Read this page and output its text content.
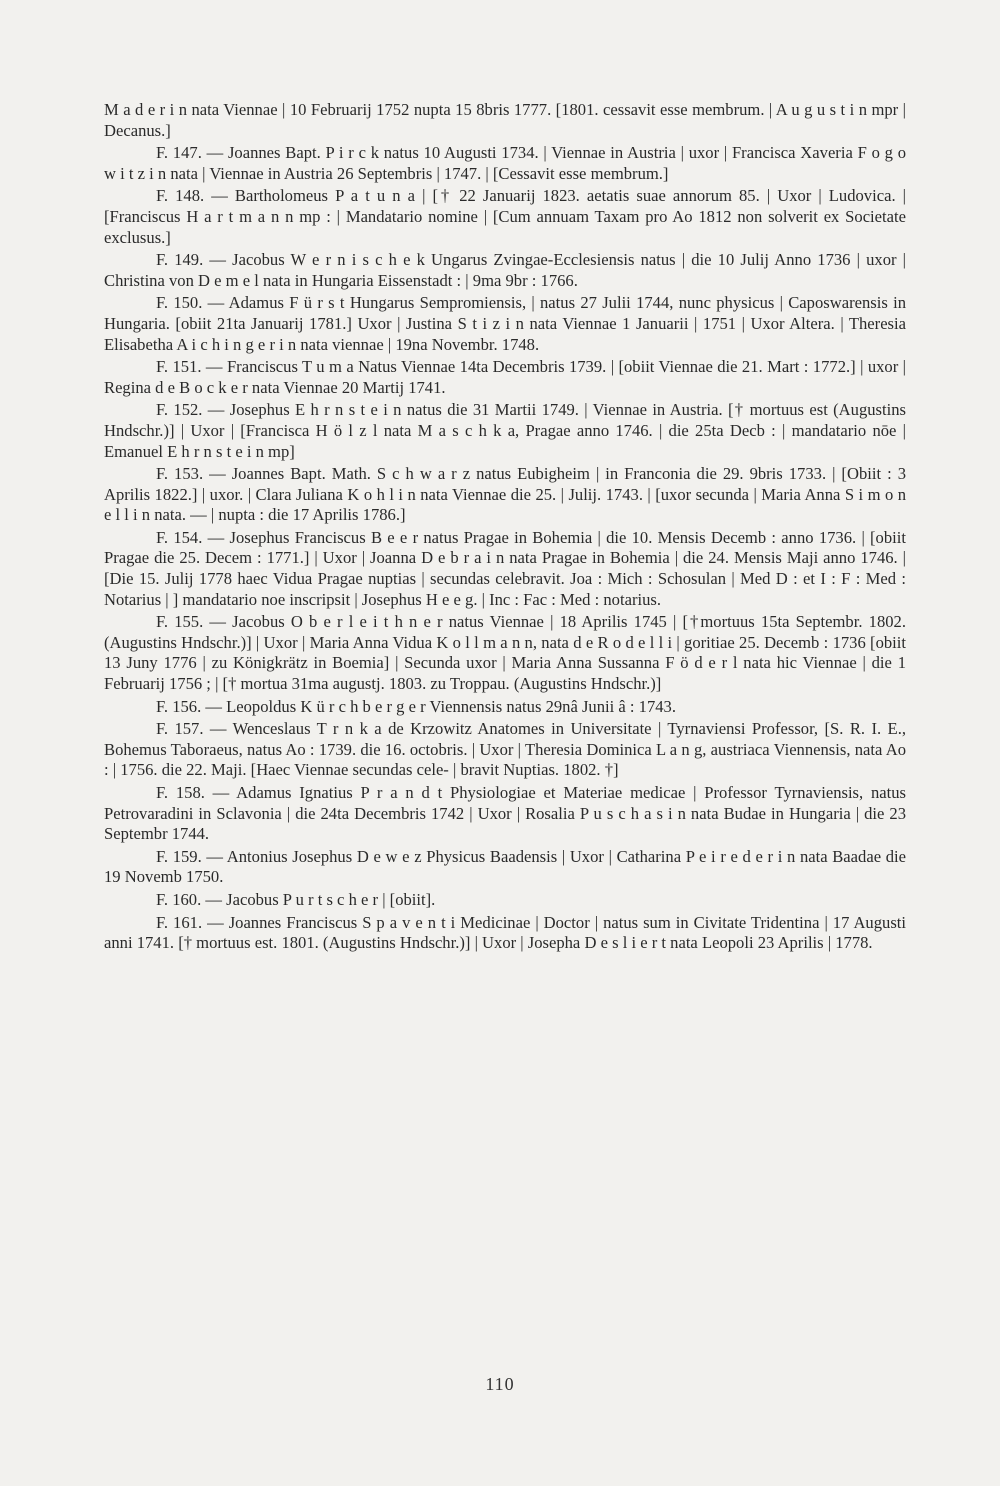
M a d e r i n nata Viennae | 10 Februarij 1752 nupta 15 8bris 1777. [1801. cessavit esse membrum. | A u g u s t i n mpr | Decanus.]

F. 147. — Joannes Bapt. P i r c k natus 10 Augusti 1734. | Viennae in Austria | uxor | Francisca Xaveria F o g o w i t z i n nata | Viennae in Austria 26 Septembris | 1747. | [Cessavit esse membrum.]

F. 148. — Bartholomeus P a t u n a | [† 22 Januarij 1823. aetatis suae annorum 85. | Uxor | Ludovica. | [Franciscus H a r t m a n n mp : | Mandatario nomine | [Cum annuam Taxam pro Ao 1812 non solverit ex Societate exclusus.]

F. 149. — Jacobus W e r n i s c h e k Ungarus Zvingae-Ecclesiensis natus | die 10 Julij Anno 1736 | uxor | Christina von D e m e l nata in Hungaria Eissenstadt : | 9ma 9br : 1766.

F. 150. — Adamus F ü r s t Hungarus Sempromiensis, | natus 27 Julii 1744, nunc physicus | Caposwarensis in Hungaria. [obiit 21ta Januarij 1781.] Uxor | Justina S t i z i n nata Viennae 1 Januarii | 1751 | Uxor Altera. | Theresia Elisabetha A i c h i n g e r i n nata viennae | 19na Novembr. 1748.

F. 151. — Franciscus T u m a Natus Viennae 14ta Decembris 1739. | [obiit Viennae die 21. Mart : 1772.] | uxor | Regina d e B o c k e r nata Viennae 20 Martij 1741.

F. 152. — Josephus E h r n s t e i n natus die 31 Martii 1749. | Viennae in Austria. [† mortuus est (Augustins Hndschr.)] | Uxor | [Francisca H ö l z l nata M a s c h k a, Pragae anno 1746. | die 25ta Decb : | mandatario nōe | Emanuel E h r n s t e i n mp]

F. 153. — Joannes Bapt. Math. S c h w a r z natus Eubigheim | in Franconia die 29. 9bris 1733. | [Obiit : 3 Aprilis 1822.] | uxor. | Clara Juliana K o h l i n nata Viennae die 25. | Julij. 1743. | [uxor secunda | Maria Anna S i m o n e l l i n nata. — | nupta : die 17 Aprilis 1786.]

F. 154. — Josephus Franciscus B e e r natus Pragae in Bohemia | die 10. Mensis Decemb : anno 1736. | [obiit Pragae die 25. Decem : 1771.] | Uxor | Joanna D e b r a i n nata Pragae in Bohemia | die 24. Mensis Maji anno 1746. | [Die 15. Julij 1778 haec Vidua Pragae nuptias | secundas celebravit. Joa : Mich : Schosulan | Med D : et I : F : Med : Notarius | ] mandatario noe inscripsit | Josephus H e e g. | Inc : Fac : Med : notarius.

F. 155. — Jacobus O b e r l e i t h n e r natus Viennae | 18 Aprilis 1745 | [†mortuus 15ta Septembr. 1802. (Augustins Hndschr.)] | Uxor | Maria Anna Vidua K o l l m a n n, nata d e R o d e l l i | goritiae 25. Decemb : 1736 [obiit 13 Juny 1776 | zu Königkrätz in Boemia] | Secunda uxor | Maria Anna Sussanna F ö d e r l nata hic Viennae | die 1 Februarij 1756 ; | [† mortua 31ma augustj. 1803. zu Troppau. (Augustins Hndschr.)]

F. 156. — Leopoldus K ü r c h b e r g e r Viennensis natus 29nâ Junii â : 1743.

F. 157. — Wenceslaus T r n k a de Krzowitz Anatomes in Universitate | Tyrnaviensi Professor, [S. R. I. E., Bohemus Taboraeus, natus Ao : 1739. die 16. octobris. | Uxor | Theresia Dominica L a n g, austriaca Viennensis, nata Ao : | 1756. die 22. Maji. [Haec Viennae secundas cele- | bravit Nuptias. 1802. †]

F. 158. — Adamus Ignatius P r a n d t Physiologiae et Materiae medicae | Professor Tyrnaviensis, natus Petrovaradini in Sclavonia | die 24ta Decembris 1742 | Uxor | Rosalia P u s c h a s i n nata Budae in Hungaria | die 23 Septembr 1744.

F. 159. — Antonius Josephus D e w e z Physicus Baadensis | Uxor | Catharina P e i r e d e r i n nata Baadae die 19 Novemb 1750.

F. 160. — Jacobus P u r t s c h e r | [obiit].

F. 161. — Joannes Franciscus S p a v e n t i Medicinae | Doctor | natus sum in Civitate Tridentina | 17 Augusti anni 1741. [† mortuus est. 1801. (Augustins Hndschr.)] | Uxor | Josepha D e s l i e r t nata Leopoli 23 Aprilis | 1778.

110
